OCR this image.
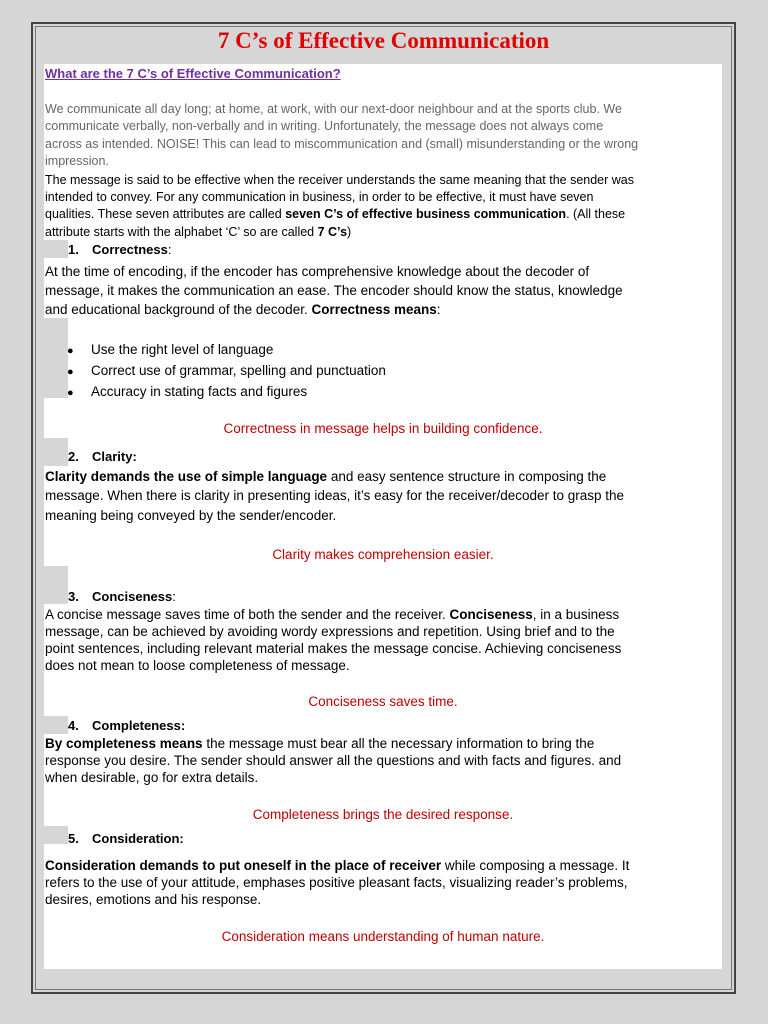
7 C’s of Effective Communication
What are the 7 C’s of Effective Communication?
We communicate all day long; at home, at work, with our next-door neighbour and at the sports club. We
communicate verbally, non-verbally and in writing. Unfortunately, the message does not always come
across as intended. NOISE! This can lead to miscommunication and (small) misunderstanding or the wrong
impression.
The message is said to be effective when the receiver understands the same meaning that the sender was
intended to convey. For any communication in business, in order to be effective, it must have seven
qualities. These seven attributes are called seven C’s of effective business communication. (All these
attribute starts with the alphabet ‘C’ so are called 7 C’s)
1. Correctness:
At the time of encoding, if the encoder has comprehensive knowledge about the decoder of
message, it makes the communication an ease. The encoder should know the status, knowledge
and educational background of the decoder. Correctness means:
● Use the right level of language
● Correct use of grammar, spelling and punctuation
● Accuracy in stating facts and figures
Correctness in message helps in building confidence.
2. Clarity:
Clarity demands the use of simple language and easy sentence structure in composing the
message. When there is clarity in presenting ideas, it’s easy for the receiver/decoder to grasp the
meaning being conveyed by the sender/encoder.
Clarity makes comprehension easier.
3. Conciseness:
A concise message saves time of both the sender and the receiver. Conciseness, in a business
message, can be achieved by avoiding wordy expressions and repetition. Using brief and to the
point sentences, including relevant material makes the message concise. Achieving conciseness
does not mean to loose completeness of message.
Conciseness saves time.
4. Completeness:
By completeness means the message must bear all the necessary information to bring the
response you desire. The sender should answer all the questions and with facts and figures. and
when desirable, go for extra details.
Completeness brings the desired response.
5. Consideration:
Consideration demands to put oneself in the place of receiver while composing a message. It
refers to the use of your attitude, emphases positive pleasant facts, visualizing reader’s problems,
desires, emotions and his response.
Consideration means understanding of human nature.
